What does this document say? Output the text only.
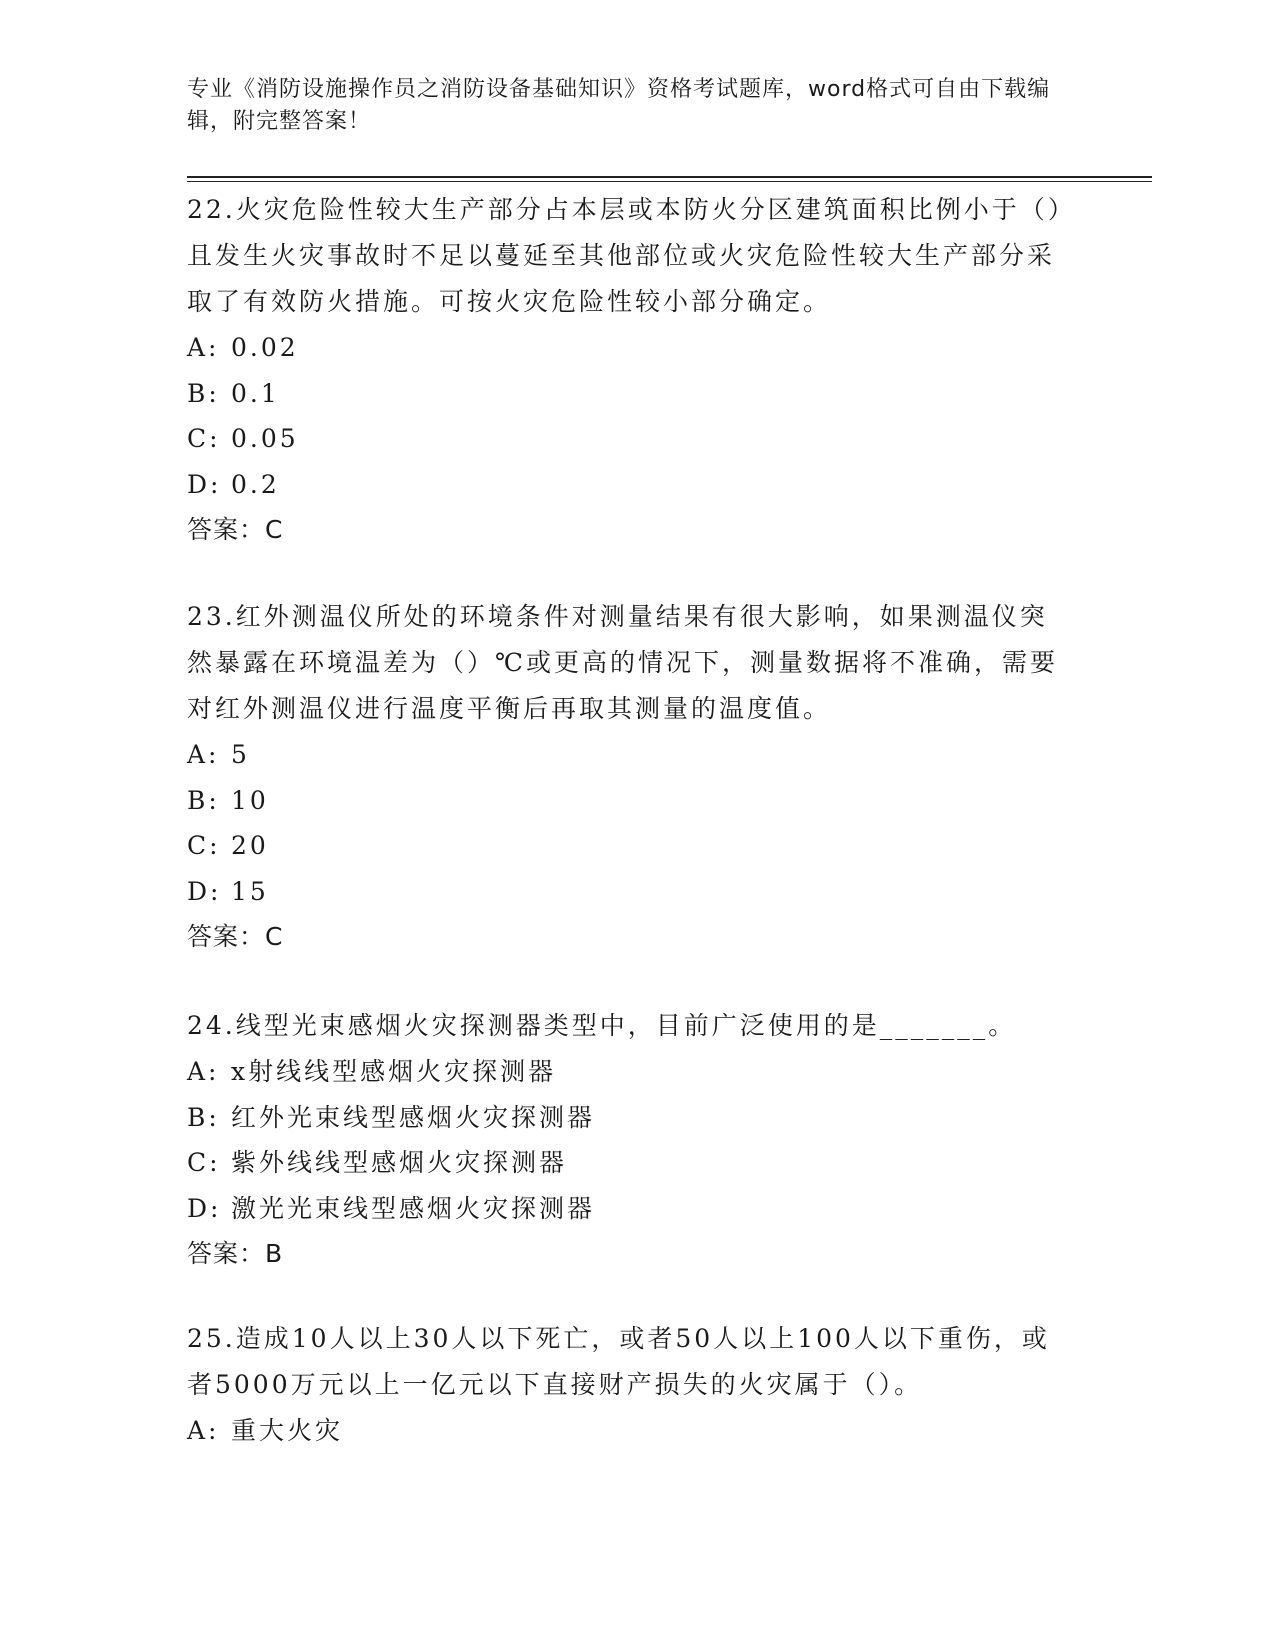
专业《消防设施操作员之消防设备基础知识》资格考试题库，word格式可自由下载编辑，附完整答案！

22.火灾危险性较大生产部分占本层或本防火分区建筑面积比例小于（）且发生火灾事故时不足以蔓延至其他部位或火灾危险性较大生产部分采取了有效防火措施。可按火灾危险性较小部分确定。

A: 0.02

B: 0.1

C: 0.05

D: 0.2

答案：C

23.红外测温仪所处的环境条件对测量结果有很大影响，如果测温仪突然暴露在环境温差为（）℃或更高的情况下，测量数据将不准确，需要对红外测温仪进行温度平衡后再取其测量的温度值。

A: 5

B: 10

C: 20

D: 15

答案：C

24.线型光束感烟火灾探测器类型中，目前广泛使用的是_______。

A: x射线线型感烟火灾探测器

B: 红外光束线型感烟火灾探测器

C: 紫外线线型感烟火灾探测器

D: 激光光束线型感烟火灾探测器

答案：B

25.造成10人以上30人以下死亡，或者50人以上100人以下重伤，或者5000万元以上一亿元以下直接财产损失的火灾属于（）。

A: 重大火灾
